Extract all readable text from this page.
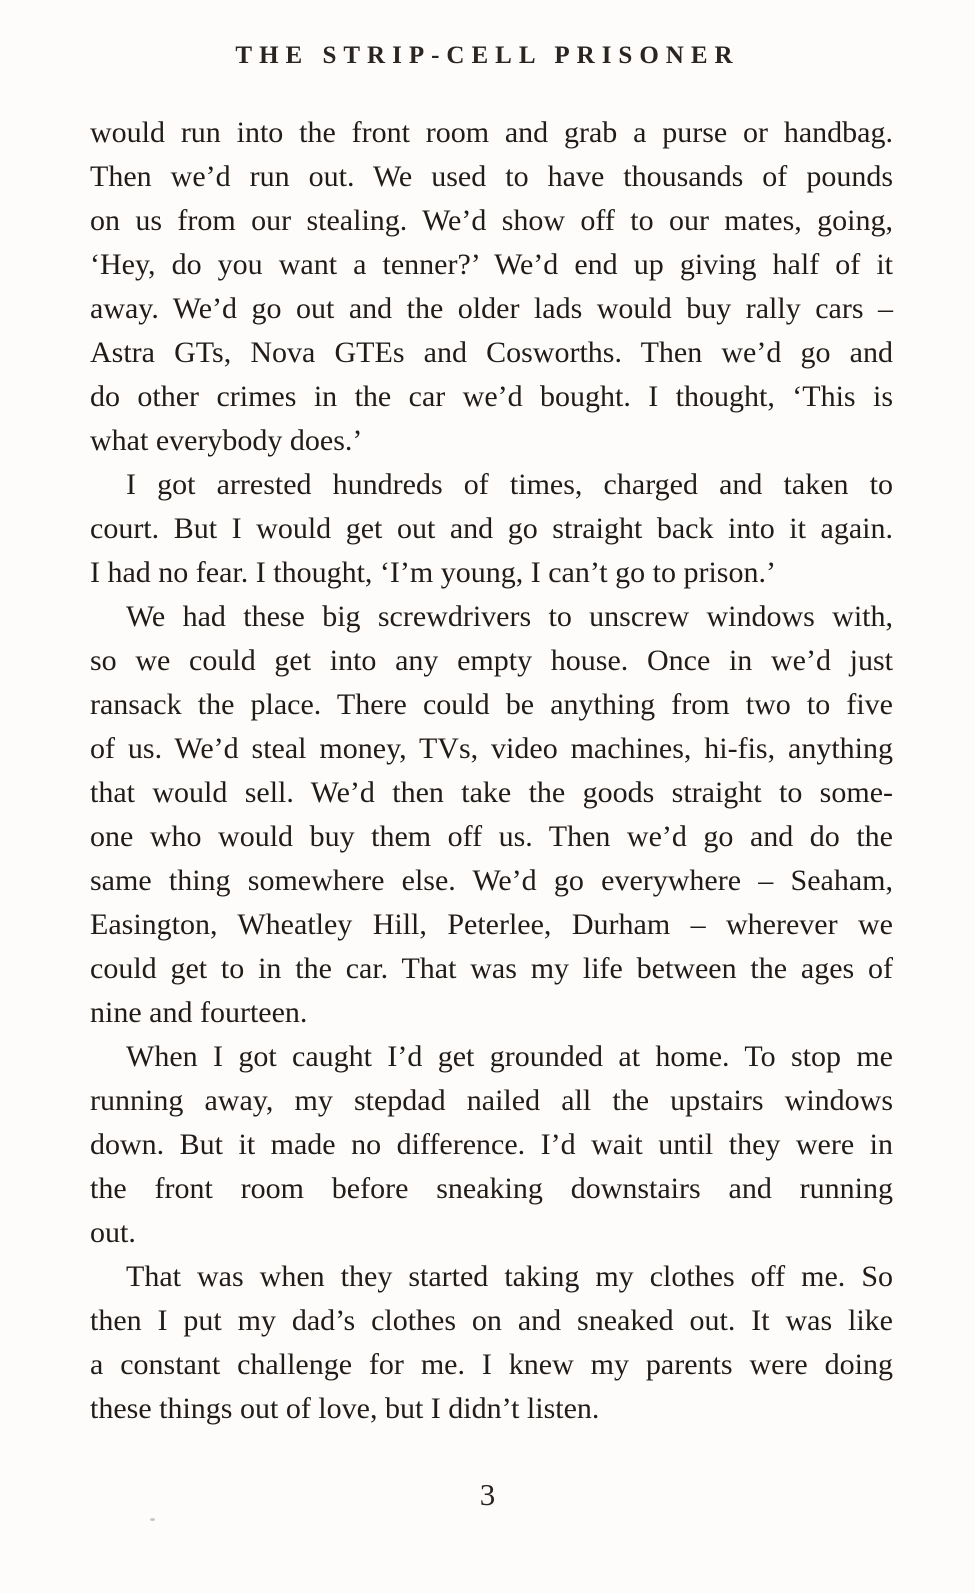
THE STRIP-CELL PRISONER
would run into the front room and grab a purse or handbag.
Then we’d run out. We used to have thousands of pounds
on us from our stealing. We’d show off to our mates, going,
‘Hey, do you want a tenner?’ We’d end up giving half of it
away. We’d go out and the older lads would buy rally cars –
Astra GTs, Nova GTEs and Cosworths. Then we’d go and
do other crimes in the car we’d bought. I thought, ‘This is
what everybody does.’
I got arrested hundreds of times, charged and taken to
court. But I would get out and go straight back into it again.
I had no fear. I thought, ‘I’m young, I can’t go to prison.’
We had these big screwdrivers to unscrew windows with,
so we could get into any empty house. Once in we’d just
ransack the place. There could be anything from two to five
of us. We’d steal money, TVs, video machines, hi-fis, anything
that would sell. We’d then take the goods straight to some-
one who would buy them off us. Then we’d go and do the
same thing somewhere else. We’d go everywhere – Seaham,
Easington, Wheatley Hill, Peterlee, Durham – wherever we
could get to in the car. That was my life between the ages of
nine and fourteen.
When I got caught I’d get grounded at home. To stop me
running away, my stepdad nailed all the upstairs windows
down. But it made no difference. I’d wait until they were in
the front room before sneaking downstairs and running
out.
That was when they started taking my clothes off me. So
then I put my dad’s clothes on and sneaked out. It was like
a constant challenge for me. I knew my parents were doing
these things out of love, but I didn’t listen.
3
